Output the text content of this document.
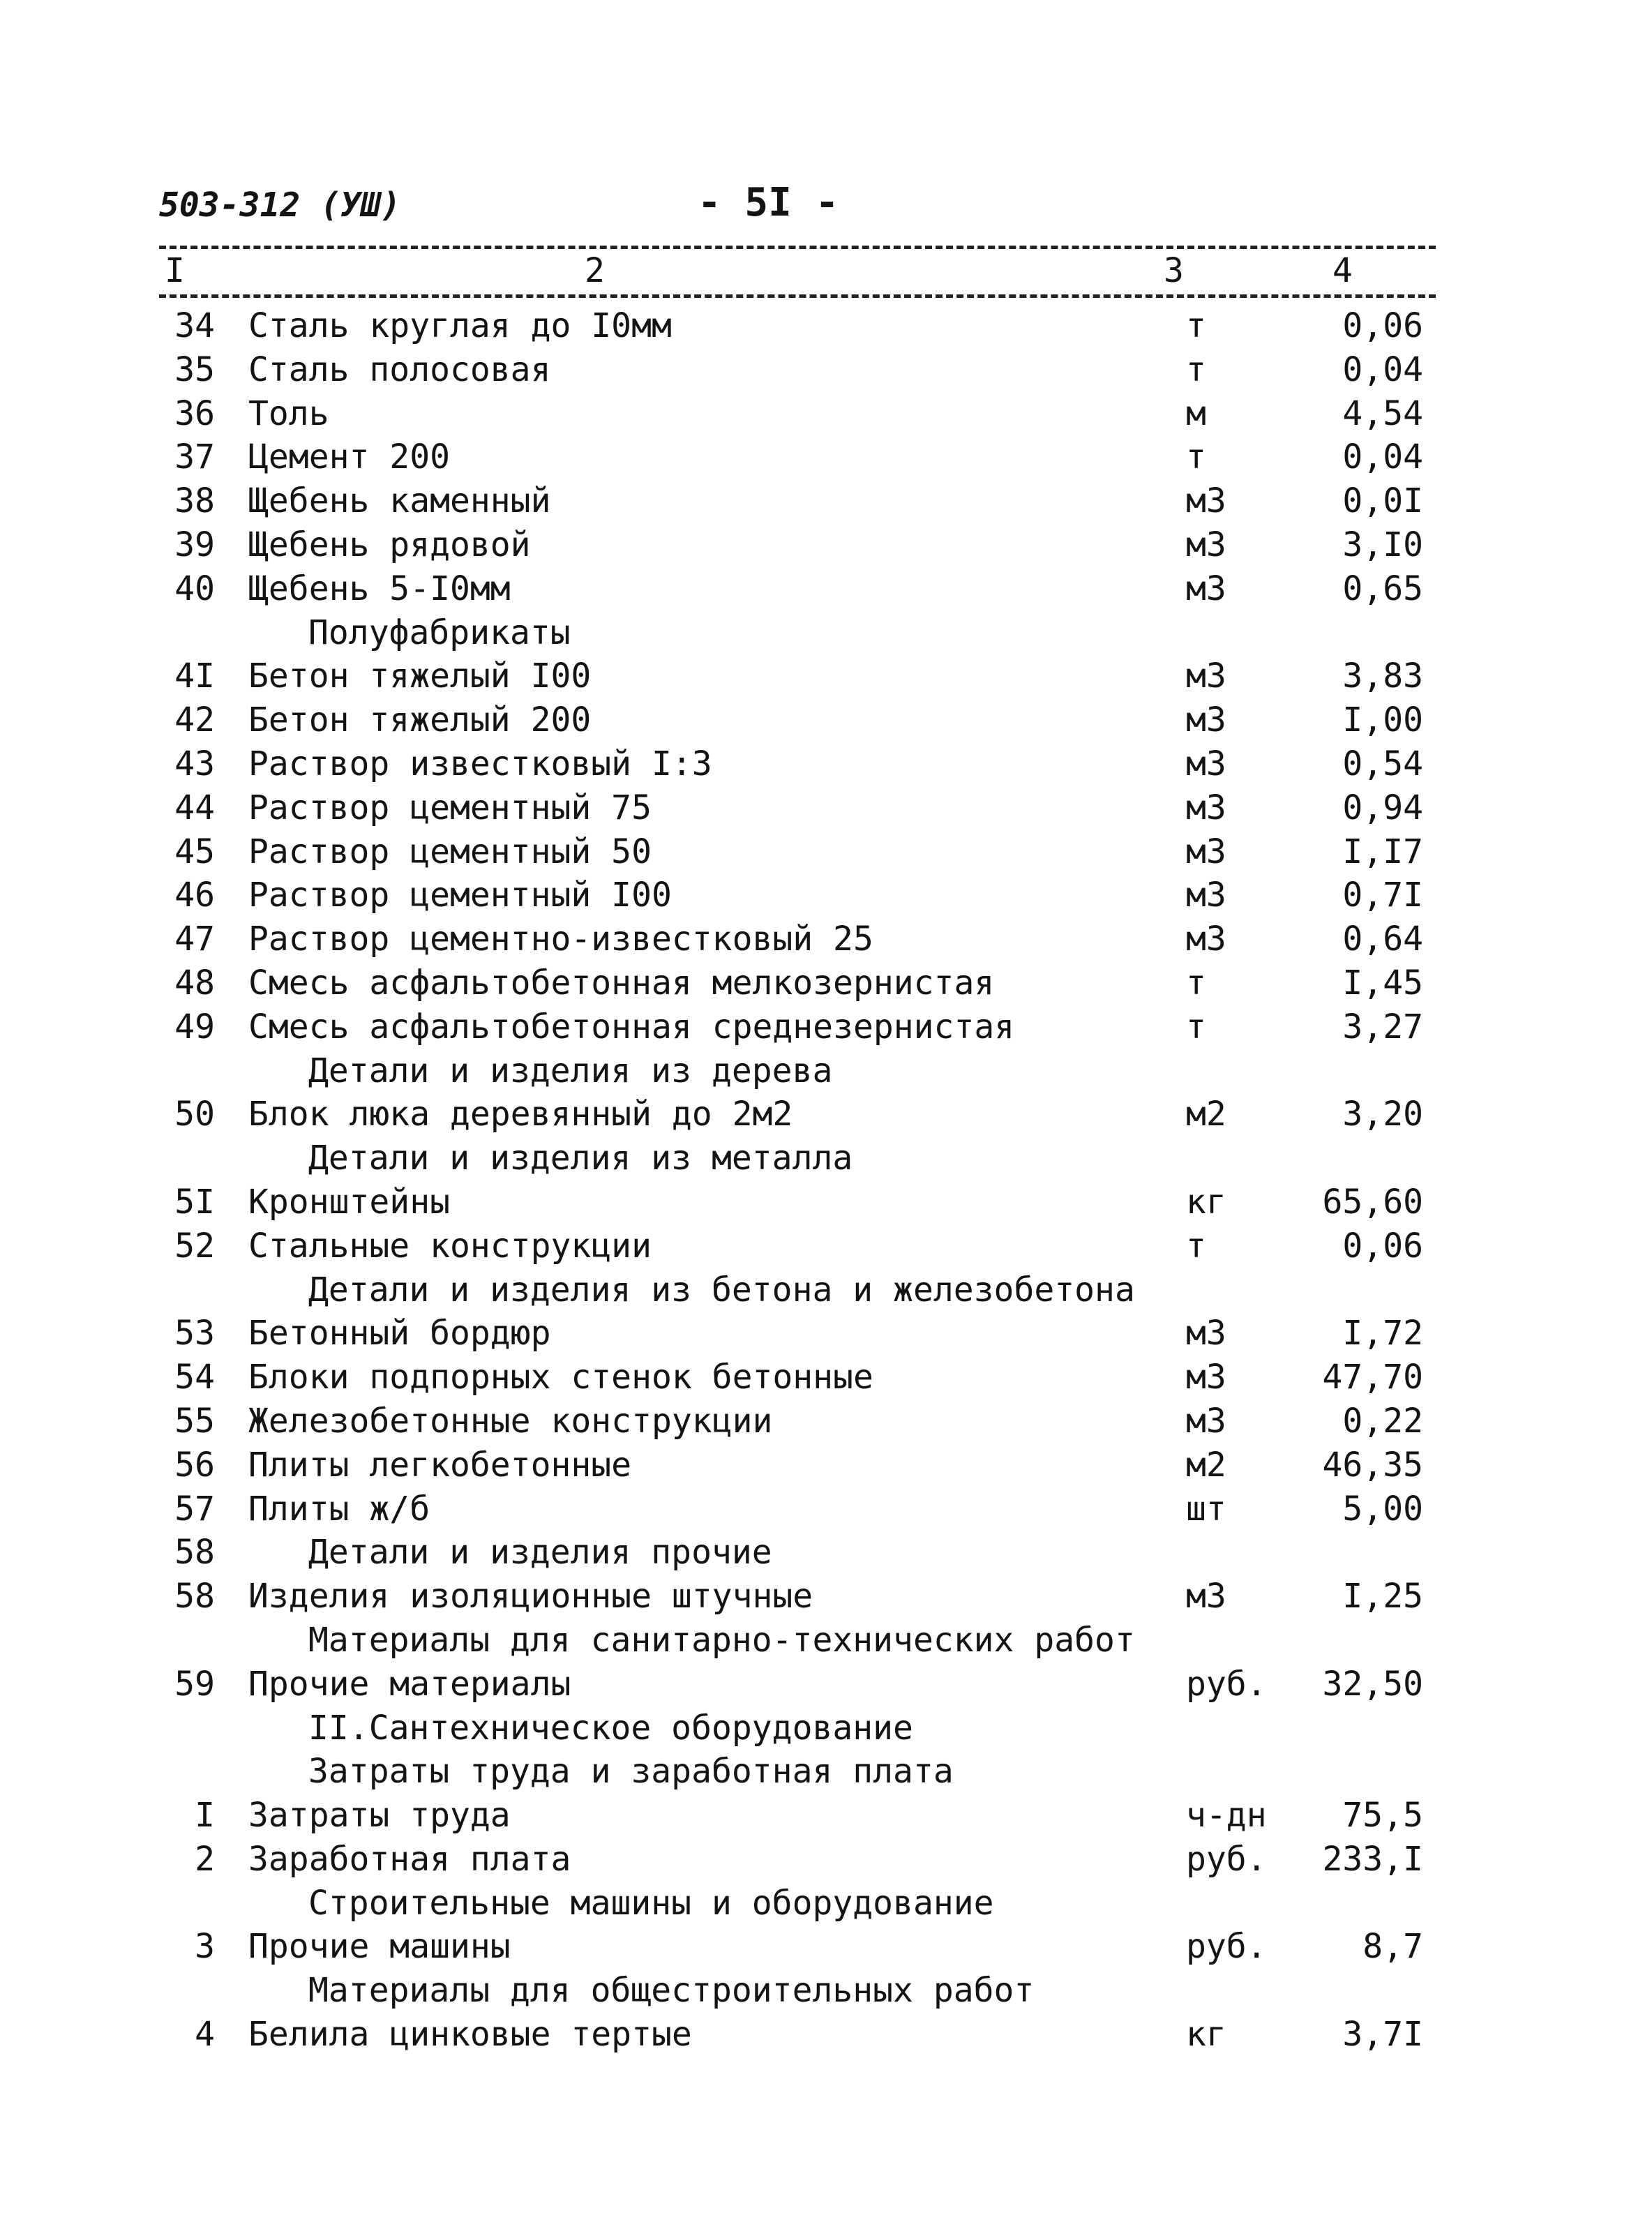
503-312 (УШ)	- 5I -
I	2	3	4
34 Сталь круглая до I0мм	т	0,06
35 Сталь полосовая	т	0,04
36 Толь	м	4,54
37 Цемент 200	т	0,04
38 Щебень каменный	м3	0,0I
39 Щебень рядовой	м3	3,I0
40 Щебень 5-I0мм	м3	0,65
Полуфабрикаты
4I Бетон тяжелый I00	м3	3,83
42 Бетон тяжелый 200	м3	I,00
43 Раствор известковый I:3	м3	0,54
44 Раствор цементный 75	м3	0,94
45 Раствор цементный 50	м3	I,I7
46 Раствор цементный I00	м3	0,7I
47 Раствор цементно-известковый 25	м3	0,64
48 Смесь асфальтобетонная мелкозернистая	т	I,45
49 Смесь асфальтобетонная среднезернистая	т	3,27
Детали и изделия из дерева
50 Блок люка деревянный до 2м2	м2	3,20
Детали и изделия из металла
5I Кронштейны	кг	65,60
52 Стальные конструкции	т	0,06
Детали и изделия из бетона и железобетона
53 Бетонный бордюр	м3	I,72
54 Блоки подпорных стенок бетонные	м3	47,70
55 Железобетонные конструкции	м3	0,22
56 Плиты легкобетонные	м2	46,35
57 Плиты ж/б	шт	5,00
58	Детали и изделия прочие
58 Изделия изоляционные штучные	м3	I,25
Материалы для санитарно-технических работ
59 Прочие материалы	руб.	32,50
II.Сантехническое оборудование
Затраты труда и заработная плата
I Затраты труда	ч-дн	75,5
2 Заработная плата	руб.	233,I
Строительные машины и оборудование
3 Прочие машины	руб.	8,7
Материалы для общестроительных работ
4 Белила цинковые тертые	кг	3,7I
